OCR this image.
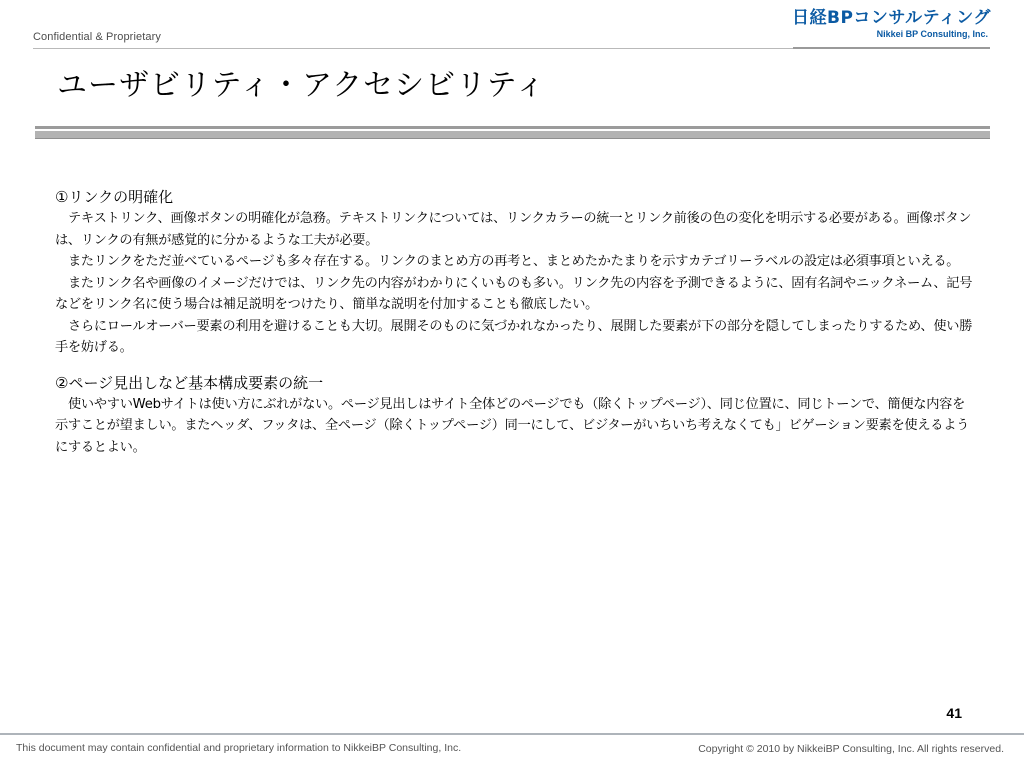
Confidential & Proprietary
日経BPコンサルティング
Nikkei BP Consulting, Inc.
ユーザビリティ・アクセシビリティ
①リンクの明確化

テキストリンク、画像ボタンの明確化が急務。テキストリンクについては、リンクカラーの統一とリンク前後の色の変化を明示する必要がある。画像ボタンは、リンクの有無が感覚的に分かるような工夫が必要。

またリンクをただ並べているページも多々存在する。リンクのまとめ方の再考と、まとめたかたまりを示すカテゴリーラベルの設定は必須事項といえる。

またリンク名や画像のイメージだけでは、リンク先の内容がわかりにくいものも多い。リンク先の内容を予測できるように、固有名詞やニックネーム、記号などをリンク名に使う場合は補足説明をつけたり、簡単な説明を付加することも徹底したい。

さらにロールオーバー要素の利用を避けることも大切。展開そのものに気づかれなかったり、展開した要素が下の部分を隠してしまったりするため、使い勝手を妨げる。

②ページ見出しなど基本構成要素の統一

使いやすいWebサイトは使い方にぶれがない。ページ見出しはサイト全体どのページでも（除くトップページ）、同じ位置に、同じトーンで、簡便な内容を示すことが望ましい。またヘッダ、フッタは、全ページ（除くトップページ）同一にして、ビジターがいちいち考えなくても」ビゲーション要素を使えるようにするとよい。

41
This document may contain confidential and proprietary information to NikkeiBP Consulting, Inc.	Copyright © 2010 by NikkeiBP Consulting, Inc. All rights reserved.
